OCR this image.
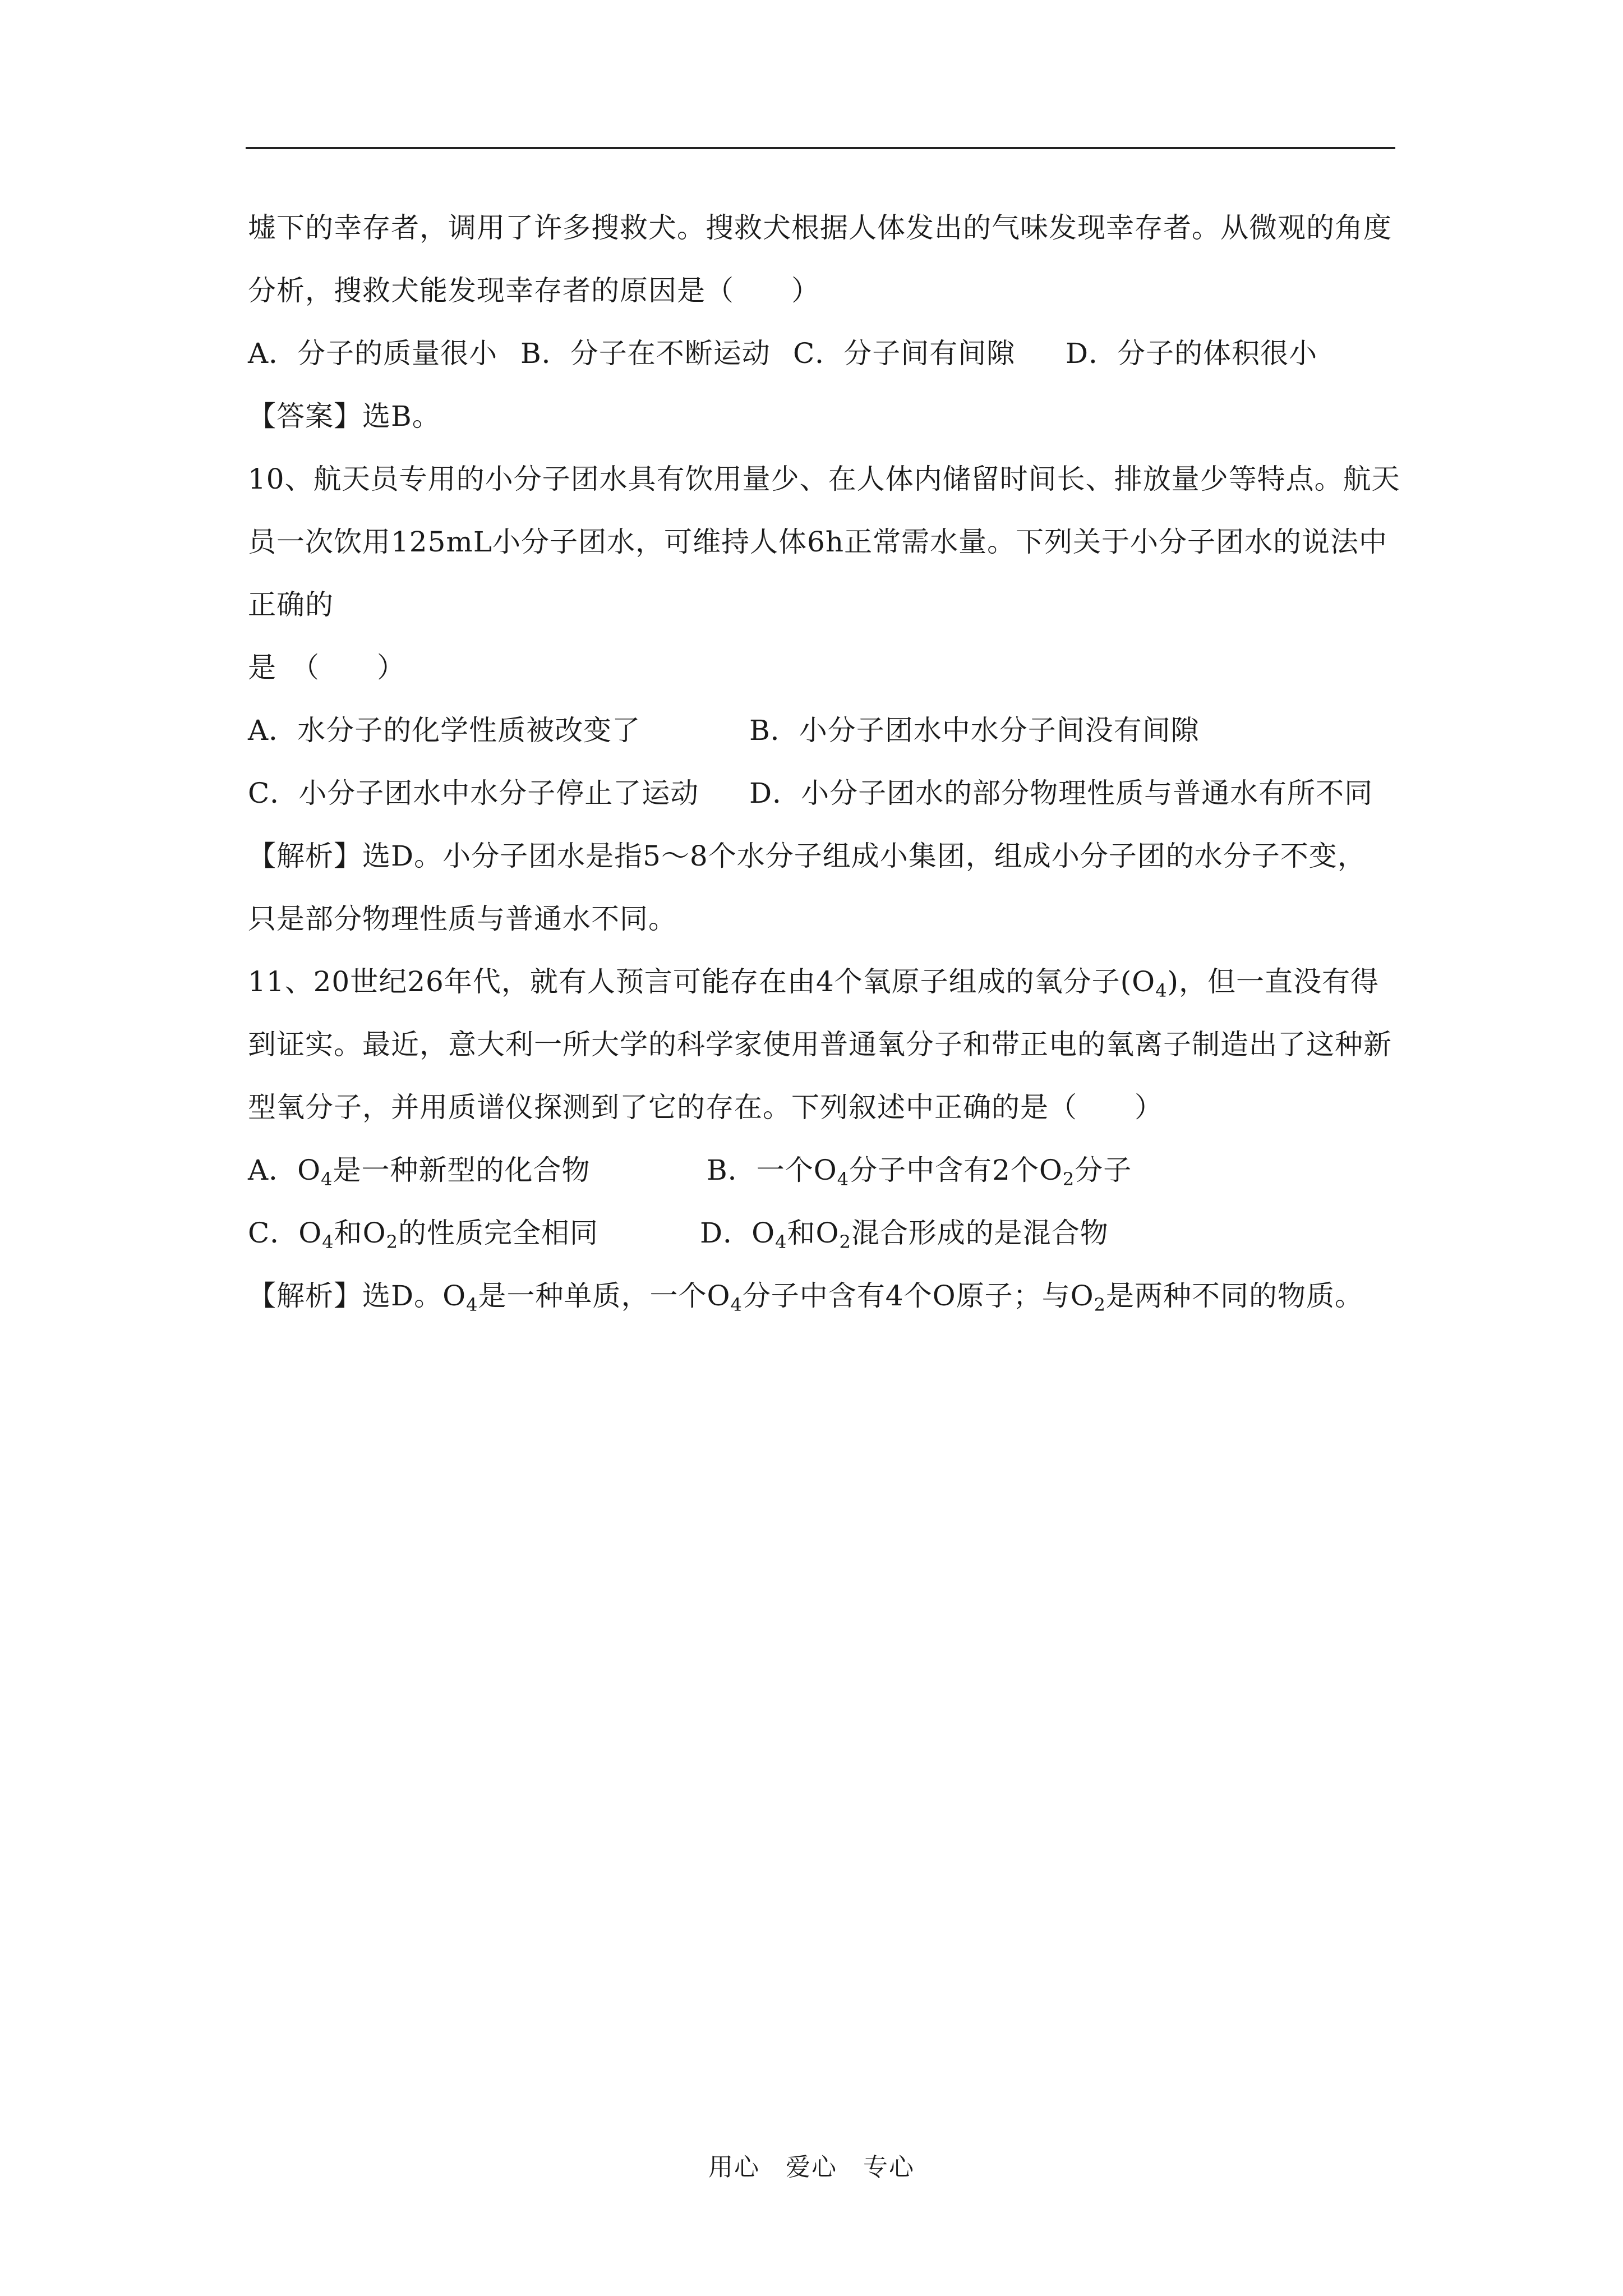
墟下的幸存者，调用了许多搜救犬。搜救犬根据人体发出的气味发现幸存者。从微观的角度
分析，搜救犬能发现幸存者的原因是（　　）
A．分子的质量很小 B．分子在不断运动 C．分子间有间隙 D．分子的体积很小
【答案】选B。
10、航天员专用的小分子团水具有饮用量少、在人体内储留时间长、排放量少等特点。航天
员一次饮用125mL小分子团水，可维持人体6h正常需水量。下列关于小分子团水的说法中
正确的
是　（　　）
A．水分子的化学性质被改变了	B．小分子团水中水分子间没有间隙
C．小分子团水中水分子停止了运动 D．小分子团水的部分物理性质与普通水有所不同
【解析】选D。小分子团水是指5～8个水分子组成小集团，组成小分子团的水分子不变，
只是部分物理性质与普通水不同。
11、20世纪26年代，就有人预言可能存在由4个氧原子组成的氧分子$(O_4)$，但一直没有得
到证实。最近，意大利一所大学的科学家使用普通氧分子和带正电的氧离子制造出了这种新
型氧分子，并用质谱仪探测到了它的存在。下列叙述中正确的是（　　）
A．$O_4$是一种新型的化合物	B．一个$O_4$分子中含有2个$O_2$分子
C．$O_4$和$O_2$的性质完全相同	D．$O_4$和$O_2$混合形成的是混合物
【解析】选D。$O_4$是一种单质，一个$O_4$分子中含有4个O原子；与$O_2$是两种不同的物质。
用心　爱心　专心
